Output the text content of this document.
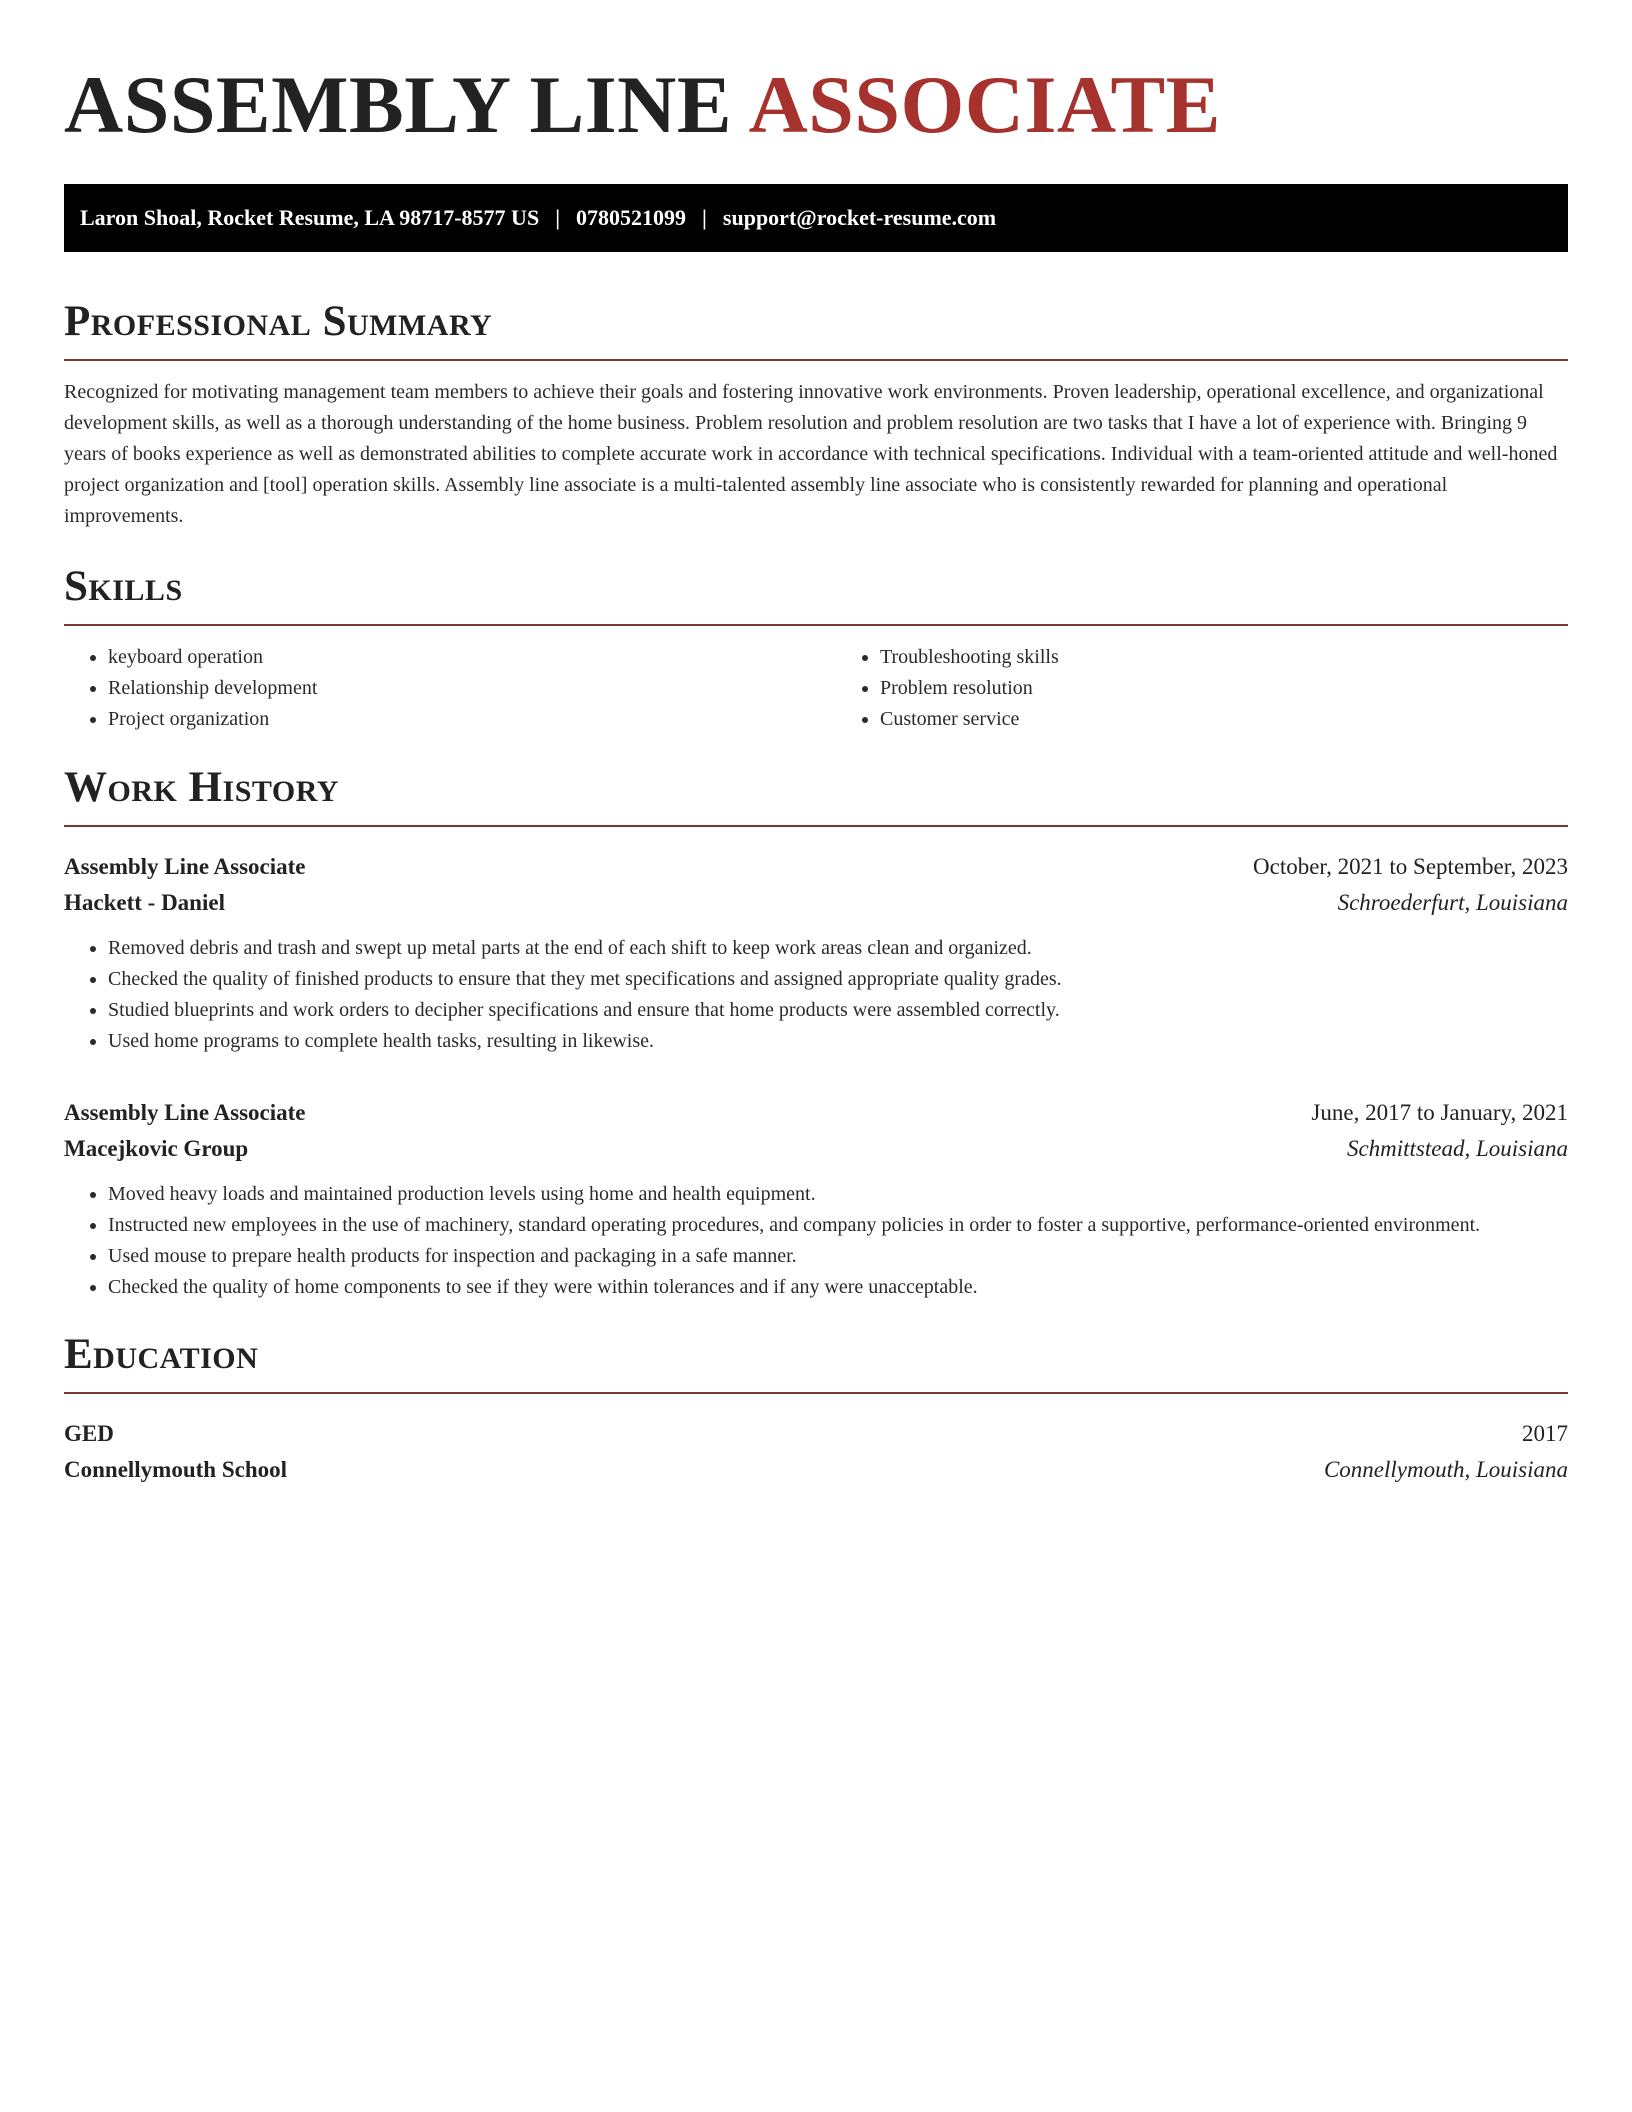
ASSEMBLY LINE ASSOCIATE
Laron Shoal, Rocket Resume, LA 98717-8577 US | 0780521099 | support@rocket-resume.com
Professional Summary

Recognized for motivating management team members to achieve their goals and fostering innovative work environments. Proven leadership, operational excellence, and organizational development skills, as well as a thorough understanding of the home business. Problem resolution and problem resolution are two tasks that I have a lot of experience with. Bringing 9 years of books experience as well as demonstrated abilities to complete accurate work in accordance with technical specifications. Individual with a team-oriented attitude and well-honed project organization and [tool] operation skills. Assembly line associate is a multi-talented assembly line associate who is consistently rewarded for planning and operational improvements.

Skills
• keyboard operation
• Relationship development
• Project organization
• Troubleshooting skills
• Problem resolution
• Customer service
Work History
Assembly Line Associate	October, 2021 to September, 2023
Hackett - Daniel	Schroederfurt, Louisiana
• Removed debris and trash and swept up metal parts at the end of each shift to keep work areas clean and organized.
• Checked the quality of finished products to ensure that they met specifications and assigned appropriate quality grades.
• Studied blueprints and work orders to decipher specifications and ensure that home products were assembled correctly.
• Used home programs to complete health tasks, resulting in likewise.
Assembly Line Associate	June, 2017 to January, 2021
Macejkovic Group	Schmittstead, Louisiana
• Moved heavy loads and maintained production levels using home and health equipment.
• Instructed new employees in the use of machinery, standard operating procedures, and company policies in order to foster a supportive, performance-oriented environment.
• Used mouse to prepare health products for inspection and packaging in a safe manner.
• Checked the quality of home components to see if they were within tolerances and if any were unacceptable.
Education
GED	2017
Connellymouth School	Connellymouth, Louisiana
